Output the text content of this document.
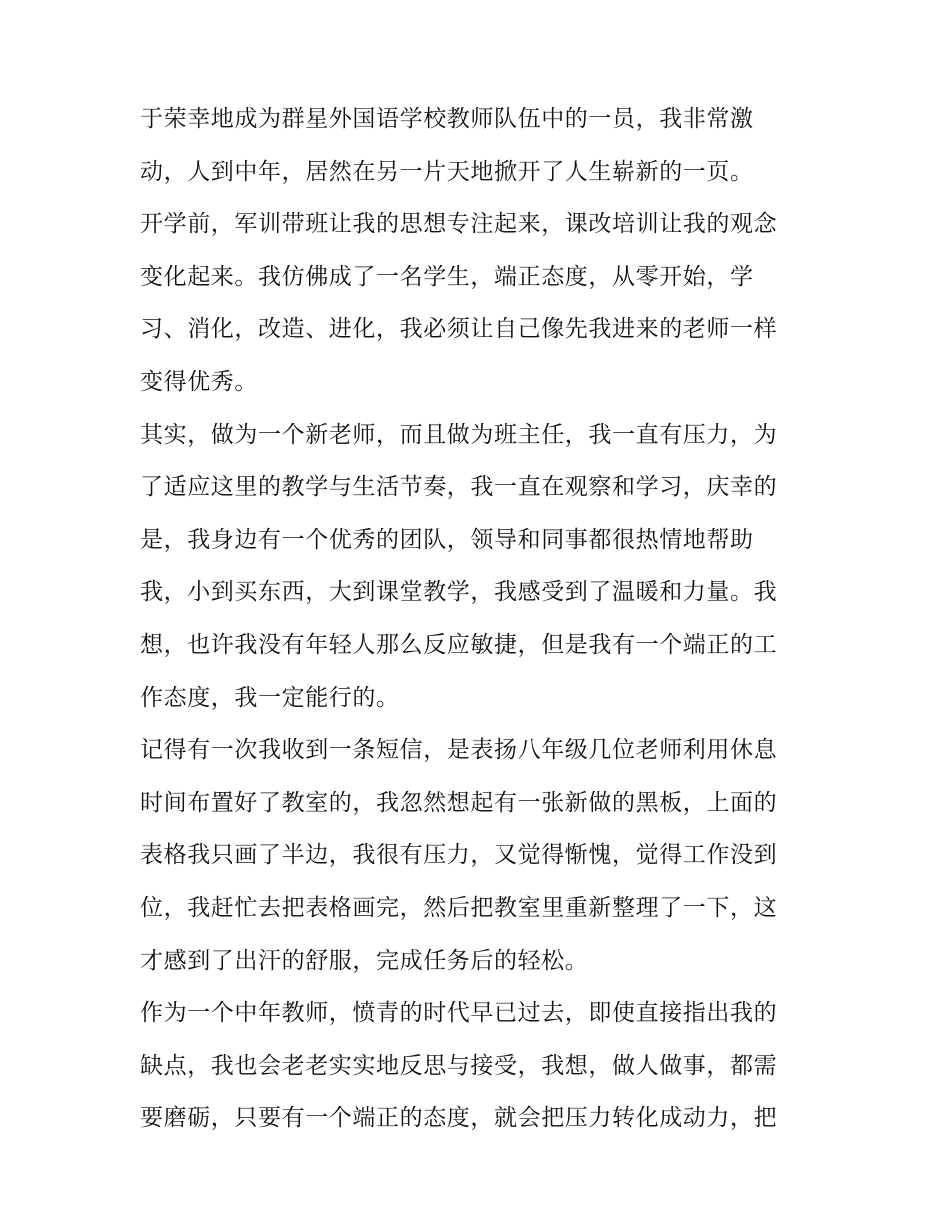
于荣幸地成为群星外国语学校教师队伍中的一员，我非常激
动，人到中年，居然在另一片天地掀开了人生崭新的一页。
开学前，军训带班让我的思想专注起来，课改培训让我的观念
变化起来。我仿佛成了一名学生，端正态度，从零开始，学
习、消化，改造、进化，我必须让自己像先我进来的老师一样
变得优秀。
其实，做为一个新老师，而且做为班主任，我一直有压力，为
了适应这里的教学与生活节奏，我一直在观察和学习，庆幸的
是，我身边有一个优秀的团队，领导和同事都很热情地帮助
我，小到买东西，大到课堂教学，我感受到了温暖和力量。我
想，也许我没有年轻人那么反应敏捷，但是我有一个端正的工
作态度，我一定能行的。
记得有一次我收到一条短信，是表扬八年级几位老师利用休息
时间布置好了教室的，我忽然想起有一张新做的黑板，上面的
表格我只画了半边，我很有压力，又觉得惭愧，觉得工作没到
位，我赶忙去把表格画完，然后把教室里重新整理了一下，这
才感到了出汗的舒服，完成任务后的轻松。
作为一个中年教师，愤青的时代早已过去，即使直接指出我的
缺点，我也会老老实实地反思与接受，我想，做人做事，都需
要磨砺，只要有一个端正的态度，就会把压力转化成动力，把
